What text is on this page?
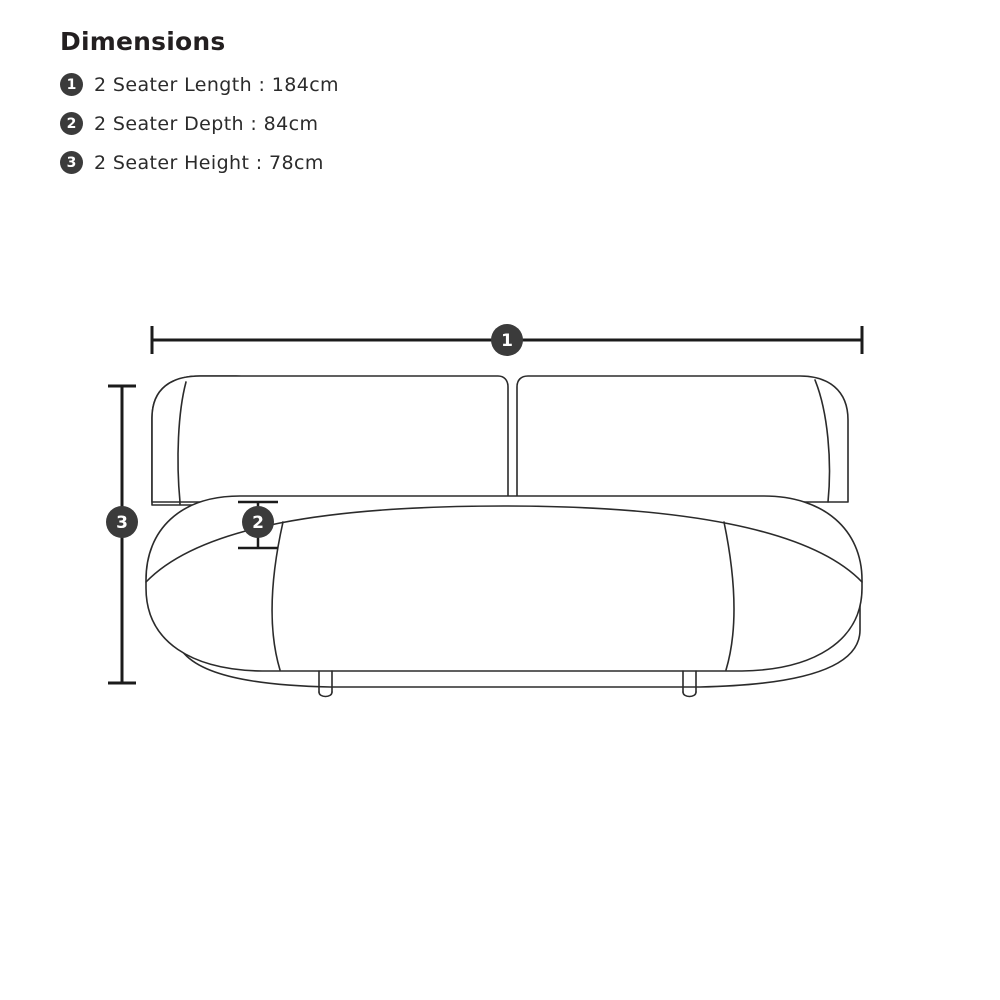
Dimensions
1 2 Seater Length : 184cm
2 2 Seater Depth : 84cm
3 2 Seater Height : 78cm
1
3	2
